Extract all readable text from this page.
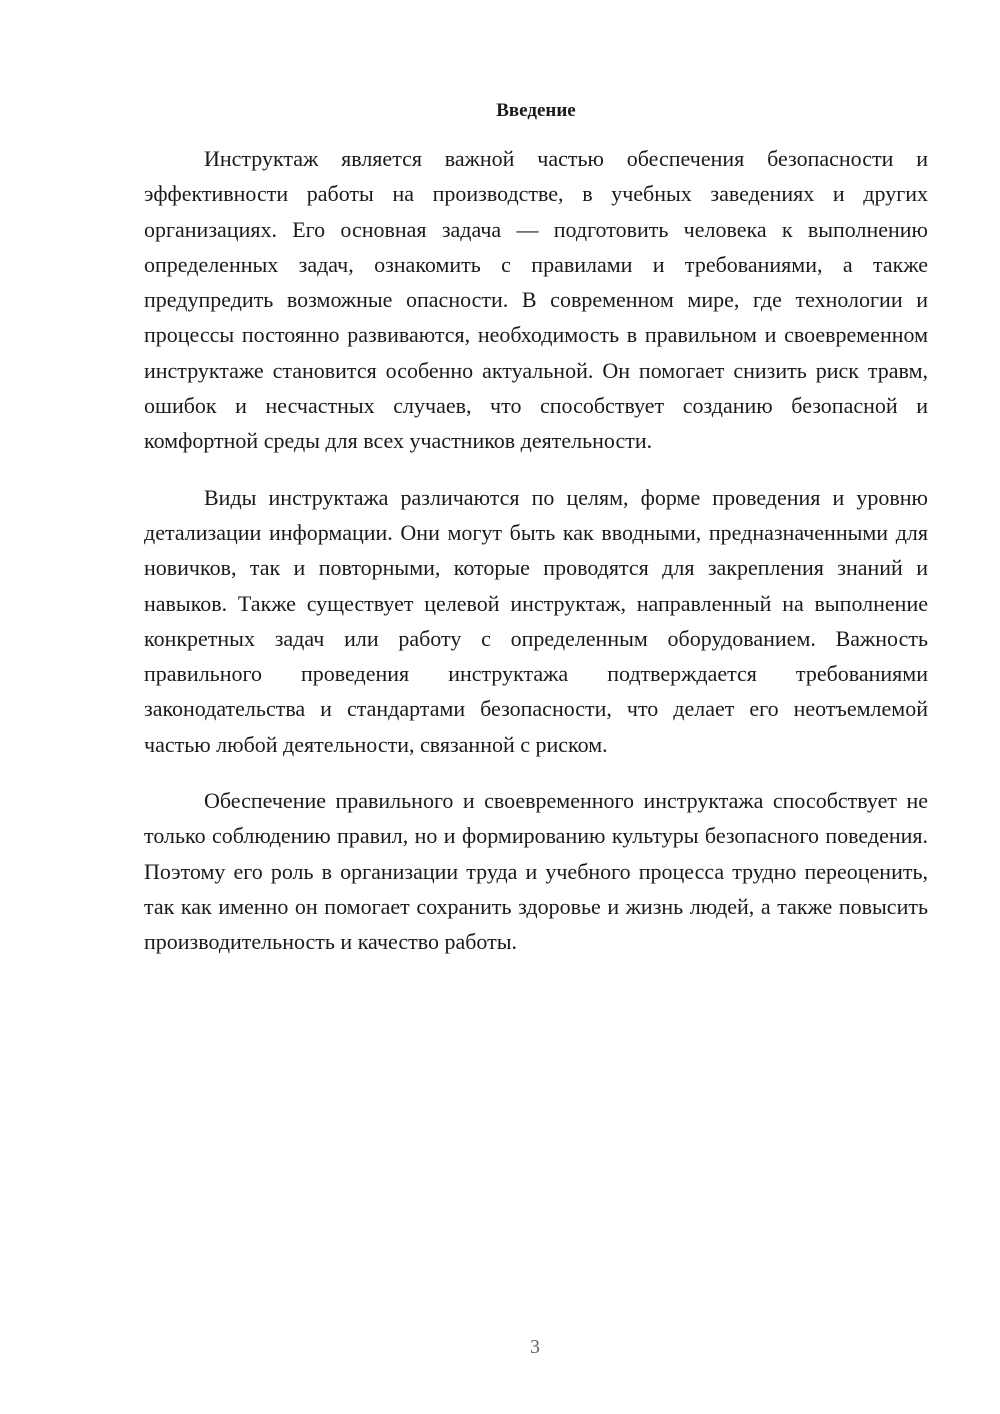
Введение

Инструктаж является важной частью обеспечения безопасности и эффективности работы на производстве, в учебных заведениях и других организациях. Его основная задача — подготовить человека к выполнению определенных задач, ознакомить с правилами и требованиями, а также предупредить возможные опасности. В современном мире, где технологии и процессы постоянно развиваются, необходимость в правильном и своевременном инструктаже становится особенно актуальной. Он помогает снизить риск травм, ошибок и несчастных случаев, что способствует созданию безопасной и комфортной среды для всех участников деятельности.

Виды инструктажа различаются по целям, форме проведения и уровню детализации информации. Они могут быть как вводными, предназначенными для новичков, так и повторными, которые проводятся для закрепления знаний и навыков. Также существует целевой инструктаж, направленный на выполнение конкретных задач или работу с определенным оборудованием. Важность правильного проведения инструктажа подтверждается требованиями законодательства и стандартами безопасности, что делает его неотъемлемой частью любой деятельности, связанной с риском.

Обеспечение правильного и своевременного инструктажа способствует не только соблюдению правил, но и формированию культуры безопасного поведения. Поэтому его роль в организации труда и учебного процесса трудно переоценить, так как именно он помогает сохранить здоровье и жизнь людей, а также повысить производительность и качество работы.

3
